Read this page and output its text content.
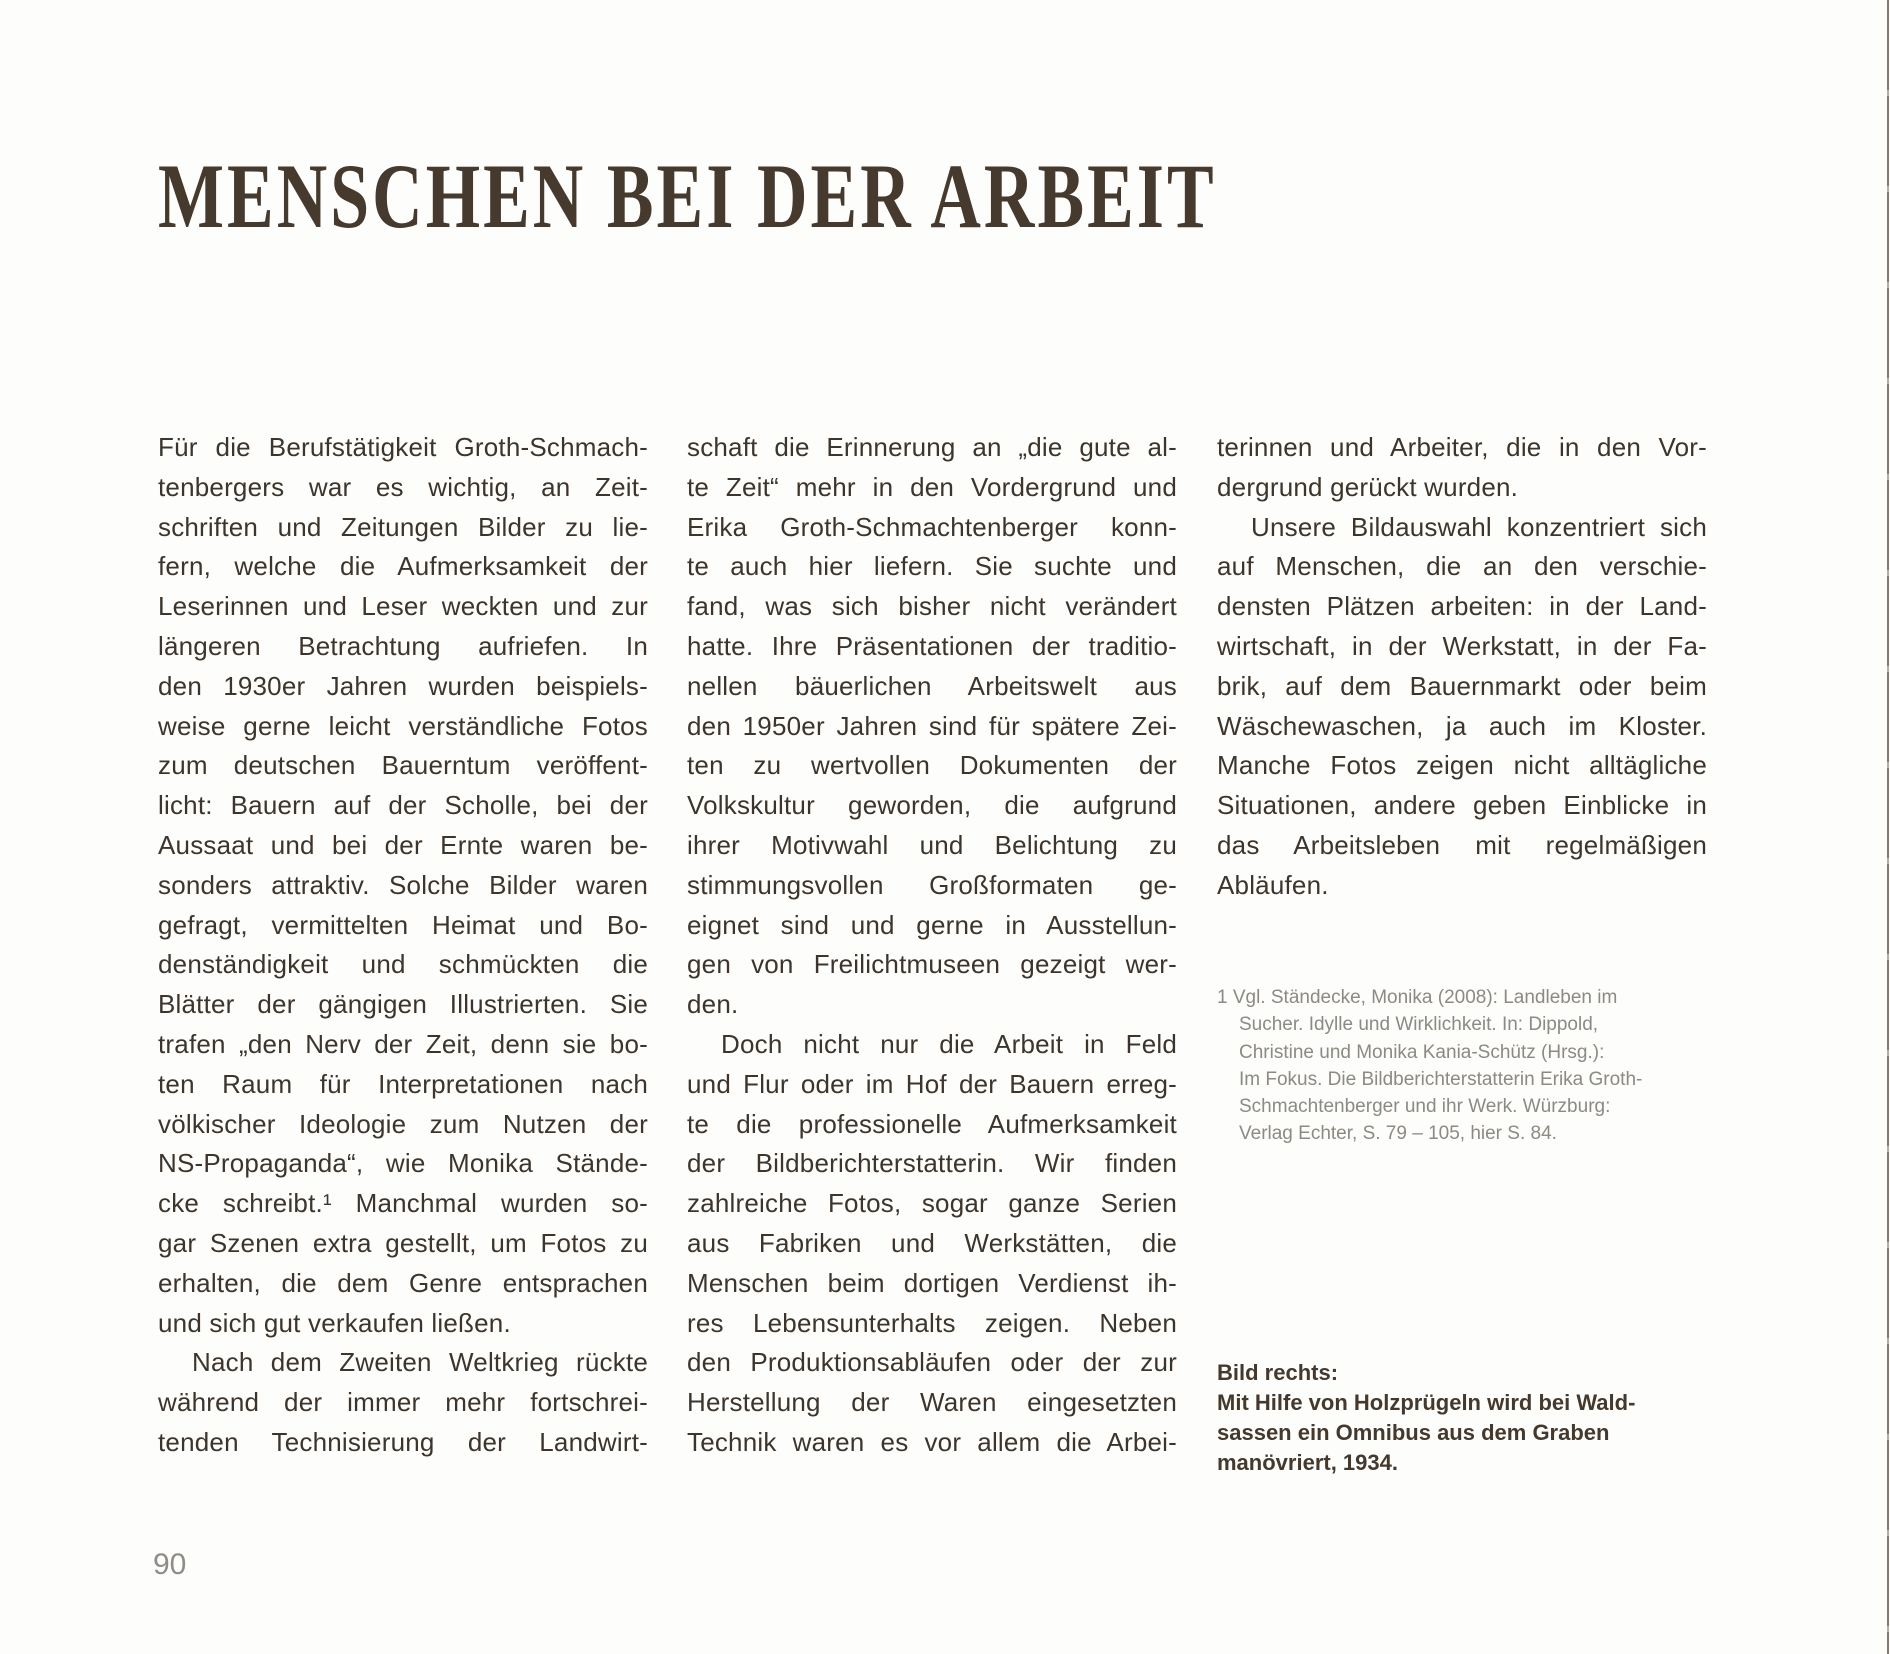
MENSCHEN BEI DER ARBEIT
Für die Berufstätigkeit Groth-Schmach-
tenbergers war es wichtig, an Zeit-
schriften und Zeitungen Bilder zu lie-
fern, welche die Aufmerksamkeit der
Leserinnen und Leser weckten und zur
längeren Betrachtung aufriefen. In
den 1930er Jahren wurden beispiels-
weise gerne leicht verständliche Fotos
zum deutschen Bauerntum veröffent-
licht: Bauern auf der Scholle, bei der
Aussaat und bei der Ernte waren be-
sonders attraktiv. Solche Bilder waren
gefragt, vermittelten Heimat und Bo-
denständigkeit und schmückten die
Blätter der gängigen Illustrierten. Sie
trafen „den Nerv der Zeit, denn sie bo-
ten Raum für Interpretationen nach
völkischer Ideologie zum Nutzen der
NS-Propaganda“, wie Monika Stände-
cke schreibt.¹ Manchmal wurden so-
gar Szenen extra gestellt, um Fotos zu
erhalten, die dem Genre entsprachen
und sich gut verkaufen ließen.
Nach dem Zweiten Weltkrieg rückte
während der immer mehr fortschrei-
tenden Technisierung der Landwirt-
schaft die Erinnerung an „die gute al-
te Zeit“ mehr in den Vordergrund und
Erika Groth-Schmachtenberger konn-
te auch hier liefern. Sie suchte und
fand, was sich bisher nicht verändert
hatte. Ihre Präsentationen der traditio-
nellen bäuerlichen Arbeitswelt aus
den 1950er Jahren sind für spätere Zei-
ten zu wertvollen Dokumenten der
Volkskultur geworden, die aufgrund
ihrer Motivwahl und Belichtung zu
stimmungsvollen Großformaten ge-
eignet sind und gerne in Ausstellun-
gen von Freilichtmuseen gezeigt wer-
den.
Doch nicht nur die Arbeit in Feld
und Flur oder im Hof der Bauern erreg-
te die professionelle Aufmerksamkeit
der Bildberichterstatterin. Wir finden
zahlreiche Fotos, sogar ganze Serien
aus Fabriken und Werkstätten, die
Menschen beim dortigen Verdienst ih-
res Lebensunterhalts zeigen. Neben
den Produktionsabläufen oder der zur
Herstellung der Waren eingesetzten
Technik waren es vor allem die Arbei-
terinnen und Arbeiter, die in den Vor-
dergrund gerückt wurden.
Unsere Bildauswahl konzentriert sich
auf Menschen, die an den verschie-
densten Plätzen arbeiten: in der Land-
wirtschaft, in der Werkstatt, in der Fa-
brik, auf dem Bauernmarkt oder beim
Wäschewaschen, ja auch im Kloster.
Manche Fotos zeigen nicht alltägliche
Situationen, andere geben Einblicke in
das Arbeitsleben mit regelmäßigen
Abläufen.
1 Vgl. Ständecke, Monika (2008): Landleben im
Sucher. Idylle und Wirklichkeit. In: Dippold,
Christine und Monika Kania-Schütz (Hrsg.):
Im Fokus. Die Bildberichterstatterin Erika Groth-
Schmachtenberger und ihr Werk. Würzburg:
Verlag Echter, S. 79 – 105, hier S. 84.
Bild rechts:
Mit Hilfe von Holzprügeln wird bei Wald-
sassen ein Omnibus aus dem Graben
manövriert, 1934.
90
